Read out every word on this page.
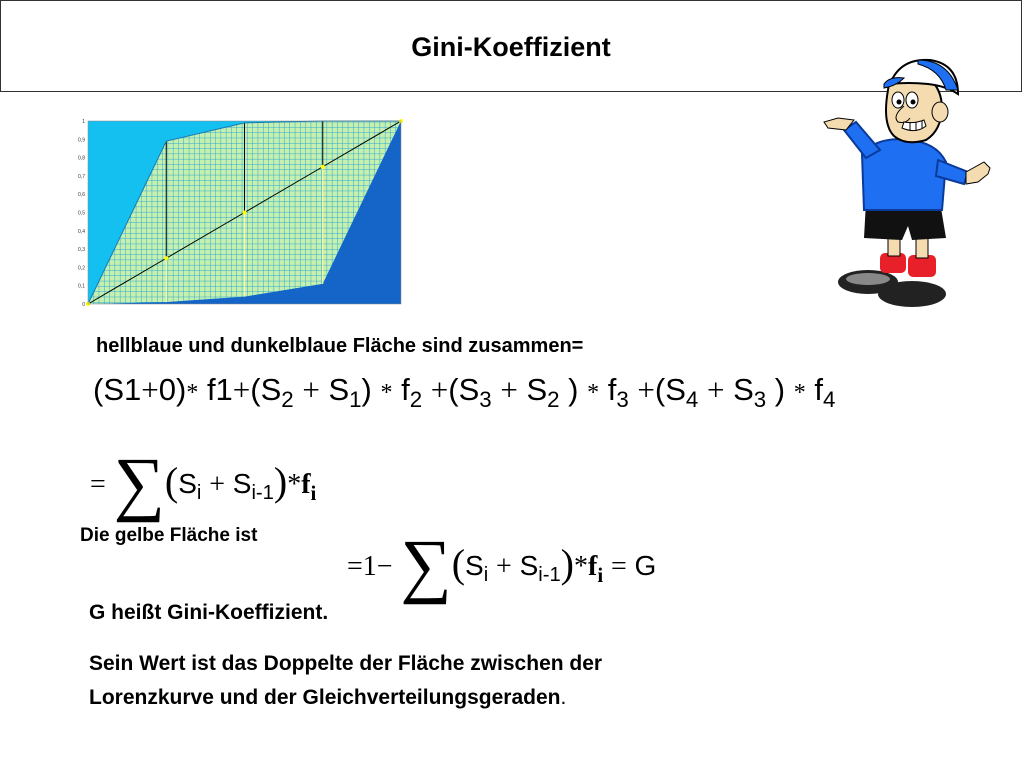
Gini-Koeffizient
0
0,1
0,2
0,3
0,4
0,5
0,6
0,7
0,8
0,9
1
hellblaue und dunkelblaue Fläche sind zusammen=
(S1+0)* $f1+(S_2 + S_1) * f_2 +(S_3 + S_2$ ) * $f_3 +(S_4 + S_3$ ) * $f_4$
= $\sum(S_i + S_{i-1})*f_i$
Die gelbe Fläche ist
$=1- \sum(S_i + S_{i-1})*f_i = G$
G heißt Gini-Koeffizient.
Sein Wert ist das Doppelte der Fläche zwischen der
Lorenzkurve und der Gleichverteilungsgeraden.
